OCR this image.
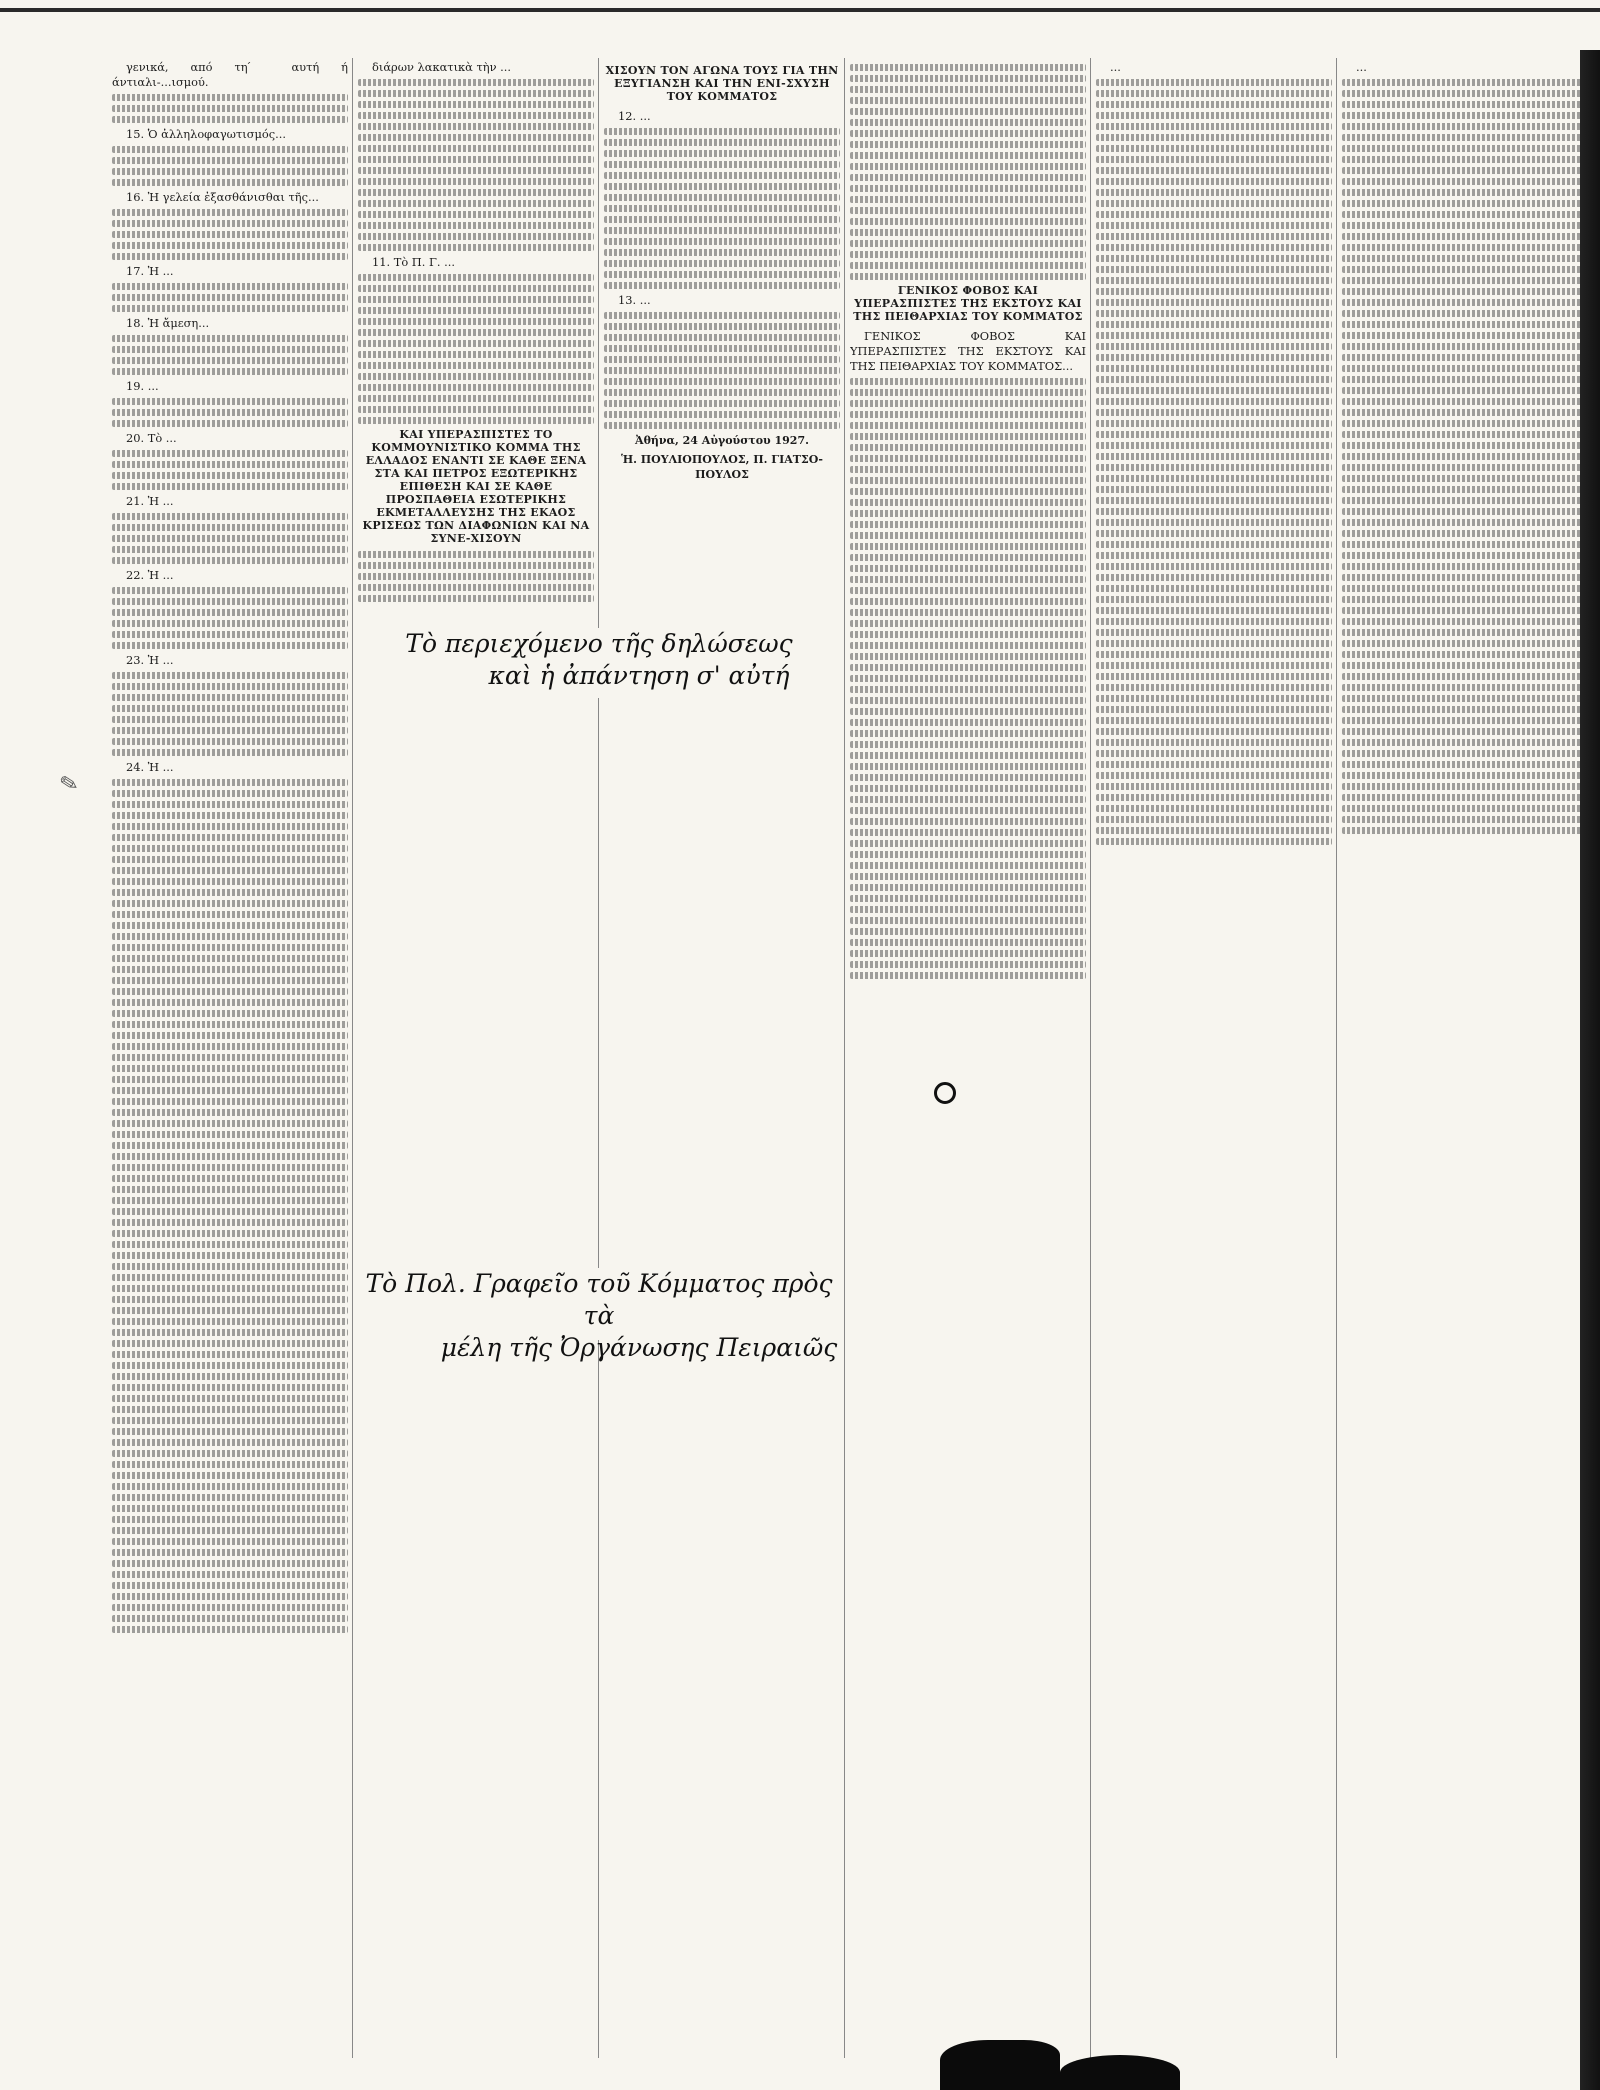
γενικά, από τη ́ αυτή ή άντιαλι-...ισμού.

15. Ὁ ἀλληλοφαγωτισμός...

16. Ἡ γελεία ἐξασθάνισθαι τῆς...

17. Ἡ ...

18. Ἡ ἄμεση...

19. ...

20. Τὸ ...

21. Ἡ ...

22. Ἡ ...

23. Ἡ ...

24. Ἡ ...

διάρων λακατικὰ τὴν ...

11. Τὸ Π. Γ. ...

ΚΑΙ ΥΠΕΡΑΣΠΙΣΤΕΣ ΤΟ ΚΟΜΜΟΥΝΙΣΤΙΚΟ ΚΟΜΜΑ ΤΗΣ ΕΛΛΑΔΟΣ ΕΝΑΝΤΙ ΣΕ ΚΑΘΕ ΞΕΝΑ ΣΤΑ ΚΑΙ ΠΕΤΡΟΣ ΕΞΩΤΕΡΙΚΗΣ ΕΠΙΘΕΣΗ ΚΑΙ ΣΕ ΚΑΘΕ ΠΡΟΣΠΑΘΕΙΑ ΕΣΩΤΕΡΙΚΗΣ ΕΚΜΕΤΑΛΛΕΥΣΗΣ ΤΗΣ ΕΚΑΟΣ ΚΡΙΣΕΩΣ ΤΩΝ ΔΙΑΦΩΝΙΩΝ ΚΑΙ ΝΑ ΣΥΝΕ-ΧΙΣΟΥΝ
ΧΙΣΟΥΝ ΤΟΝ ΑΓΩΝΑ ΤΟΥΣ ΓΙΑ ΤΗΝ ΕΞΥΓΙΑΝΣΗ ΚΑΙ ΤΗΝ ΕΝΙ-ΣΧΥΣΗ ΤΟΥ ΚΟΜΜΑΤΟΣ

12. ...

13. ...

Ἀθήνα, 24 Αὐγούστου 1927.
Ἡ. ΠΟΥΛΙΟΠΟΥΛΟΣ, Π. ΓΙΑΤΣΟ-ΠΟΥΛΟΣ
ΓΕΝΙΚΟΣ ΦΟΒΟΣ ΚΑΙ ΥΠΕΡΑΣΠΙΣΤΕΣ ΤΗΣ ΕΚΣΤΟΥΣ ΚΑΙ ΤΗΣ ΠΕΙΘΑΡΧΙΑΣ ΤΟΥ ΚΟΜΜΑΤΟΣ

ΓΕΝΙΚΟΣ ΦΟΒΟΣ ΚΑΙ ΥΠΕΡΑΣΠΙΣΤΕΣ ΤΗΣ ΕΚΣΤΟΥΣ ΚΑΙ ΤΗΣ ΠΕΙΘΑΡΧΙΑΣ ΤΟΥ ΚΟΜΜΑΤΟΣ...

...	...

Τὸ περιεχόμενο τῆς δηλώσεως
καὶ ἡ ἀπάντηση σ' αὐτή
Τὸ Πολ. Γραφεῖο τοῦ Κόμματος πρὸς τὰ
μέλη τῆς Ὀργάνωσης Πειραιῶς
✎
